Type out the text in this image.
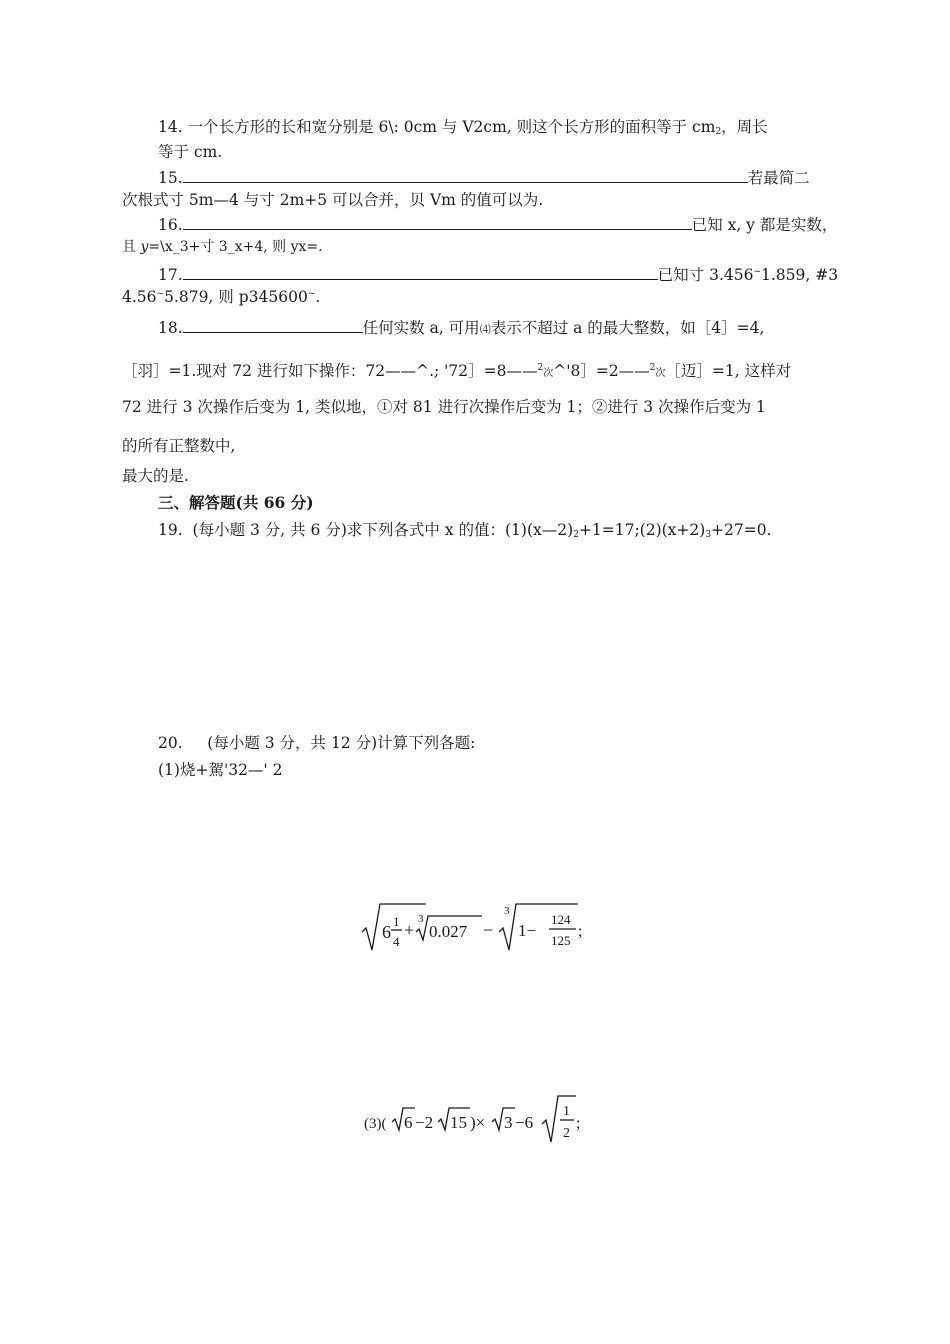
14. 一个长方形的长和宽分别是 6\: 0cm 与 V2cm, 则这个长方形的面积等于 $cm_2$，周长
等于 cm.
15.	若最简二
次根式寸 5m—4 与寸 2m+5 可以合并，贝 Vm 的值可以为.
16.	已知 x, y 都是实数，
且 y=\x_3+寸 3_x+4, 则 yx=.
17.	已知寸 3.456~1.859, #3
4.56~5.879, 则 p345600~.
18.	任何实数 a, 可用⑷表示不超过 a 的最大整数，如［4］=4,
［羽］=1.现对 72 进行如下操作：72——^.; '72］=8——$^2$次^'8］=2——$^2$次［迈］=1, 这样对
72 进行 3 次操作后变为 1, 类似地，①对 81 进行次操作后变为 1；②进行 3 次操作后变为 1
的所有正整数中,
最大的是.
三、解答题(共 66 分)
19. (每小题 3 分, 共 6 分)求下列各式中 x 的值：$(1)(x—2)_2+1=17;(2)(x+2)_3+27=0$.
20. (每小题 3 分，共 12 分)计算下列各题:
(1)烧+駕'32—' 2
6
1
4
+
3
0.027 −
3
1−
124
125
;
(3)( 6 −2 15 )× 3 −6
1
2
;
